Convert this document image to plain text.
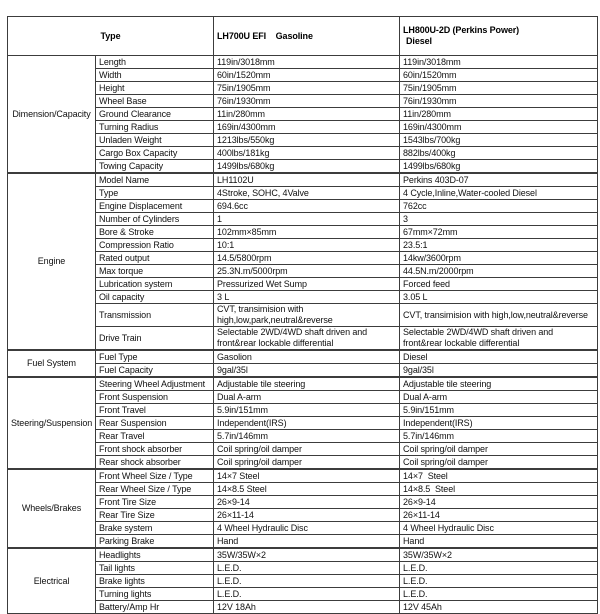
Type		LH700U EFI    Gasoline	LH800U-2D (Perkins Power)
Diesel

Dimension/Capacity	Length	119in/3018mm	119in/3018mm
	Width	60in/1520mm	60in/1520mm
	Height	75in/1905mm	75in/1905mm
	Wheel Base	76in/1930mm	76in/1930mm
	Ground Clearance	11in/280mm	11in/280mm
	Turning Radius	169in/4300mm	169in/4300mm
	Unladen Weight	1213lbs/550kg	1543lbs/700kg
	Cargo Box Capacity	400lbs/181kg	882lbs/400kg
	Towing Capacity	1499lbs/680kg	1499lbs/680kg
Engine	Model Name	LH1102U	Perkins 403D-07
	Type	4Stroke, SOHC, 4Valve	4 Cycle,Inline,Water-cooled Diesel
	Engine Displacement	694.6cc	762cc
	Number of Cylinders	1	3
	Bore & Stroke	102mm×85mm	67mm×72mm
	Compression Ratio	10:1	23.5:1
	Rated output	14.5/5800rpm	14kw/3600rpm
	Max torque	25.3N.m/5000rpm	44.5N.m/2000rpm
	Lubrication system	Pressurized Wet Sump	Forced feed
	Oil capacity	3 L	3.05 L
	Transmission	CVT, transimision with high,low,park,neutral&reverse	CVT, transimision with high,low,neutral&reverse
	Drive Train	Selectable 2WD/4WD shaft driven and front&rear lockable differential	Selectable 2WD/4WD shaft driven and front&rear lockable differential
Fuel System	Fuel Type	Gasolion	Diesel
	Fuel Capacity	9gal/35l	9gal/35l
Steering/Suspension	Steering Wheel Adjustment	Adjustable tile steering	Adjustable tile steering
	Front Suspension	Dual A-arm	Dual A-arm
	Front Travel	5.9in/151mm	5.9in/151mm
	Rear Suspension	Independent(IRS)	Independent(IRS)
	Rear Travel	5.7in/146mm	5.7in/146mm
	Front shock absorber	Coil spring/oil damper	Coil spring/oil damper
	Rear shock absorber	Coil spring/oil damper	Coil spring/oil damper
Wheels/Brakes	Front Wheel Size / Type	14×7 Steel	14×7  Steel
	Rear Wheel Size / Type	14×8.5 Steel	14×8.5  Steel
	Front Tire Size	26×9-14	26×9-14
	Rear Tire Size	26×11-14	26×11-14
	Brake system	4 Wheel Hydraulic Disc	4 Wheel Hydraulic Disc
	Parking Brake	Hand	Hand
Electrical	Headlights	35W/35W×2	35W/35W×2
	Tail lights	L.E.D.	L.E.D.
	Brake lights	L.E.D.	L.E.D.
	Turning lights	L.E.D.	L.E.D.
	Battery/Amp Hr	12V 18Ah	12V 45Ah
